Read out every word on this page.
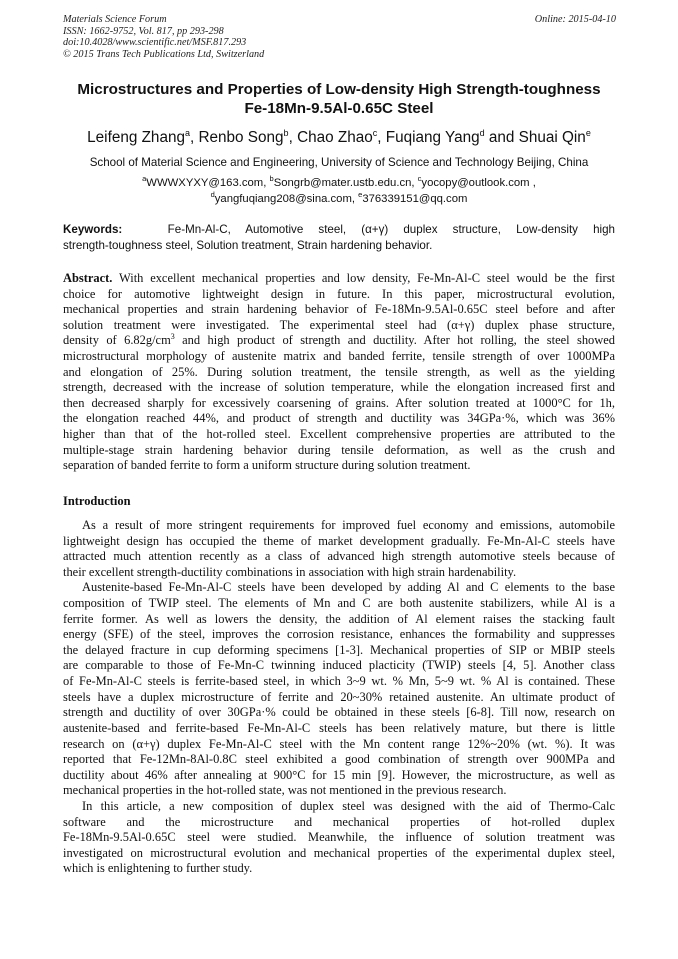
Materials Science Forum
ISSN: 1662-9752, Vol. 817, pp 293-298
doi:10.4028/www.scientific.net/MSF.817.293
© 2015 Trans Tech Publications Ltd, Switzerland
Online: 2015-04-10
Microstructures and Properties of Low-density High Strength-toughness
Fe-18Mn-9.5Al-0.65C Steel
Leifeng Zhang$^a$, Renbo Song$^b$, Chao Zhao$^c$, Fuqiang Yang$^d$ and Shuai Qin$^e$
School of Material Science and Engineering, University of Science and Technology Beijing, China
$^a$WWWXYXY@163.com, $^b$Songrb@mater.ustb.edu.cn, $^c$yocopy@outlook.com ,
$^d$yangfuqiang208@sina.com, $^e$376339151@qq.com
Keywords:	Fe-Mn-Al-C, Automotive steel, (α+γ) duplex structure, Low-density high
strength-toughness steel, Solution treatment, Strain hardening behavior.
Abstract. With excellent mechanical properties and low density, Fe-Mn-Al-C steel would be the first
choice for automotive lightweight design in future. In this paper, microstructural evolution,
mechanical properties and strain hardening behavior of Fe-18Mn-9.5Al-0.65C steel before and after
solution treatment were investigated. The experimental steel had (α+γ) duplex phase structure,
density of $6.82g/cm^3$ and high product of strength and ductility. After hot rolling, the steel showed
microstructural morphology of austenite matrix and banded ferrite, tensile strength of over 1000MPa
and elongation of 25%. During solution treatment, the tensile strength, as well as the yielding
strength, decreased with the increase of solution temperature, while the elongation increased first and
then decreased sharply for excessively coarsening of grains. After solution treated at 1000°C for 1h,
the elongation reached 44%, and product of strength and ductility was 34GPa·%, which was 36%
higher than that of the hot-rolled steel. Excellent comprehensive properties are attributed to the
multiple-stage strain hardening behavior during tensile deformation, as well as the crush and
separation of banded ferrite to form a uniform structure during solution treatment.
Introduction
As a result of more stringent requirements for improved fuel economy and emissions, automobile
lightweight design has occupied the theme of market development gradually. Fe-Mn-Al-C steels have
attracted much attention recently as a class of advanced high strength automotive steels because of
their excellent strength-ductility combinations in association with high strain hardenability.
Austenite-based Fe-Mn-Al-C steels have been developed by adding Al and C elements to the base
composition of TWIP steel. The elements of Mn and C are both austenite stabilizers, while Al is a
ferrite former. As well as lowers the density, the addition of Al element raises the stacking fault
energy (SFE) of the steel, improves the corrosion resistance, enhances the formability and suppresses
the delayed fracture in cup deforming specimens [1-3]. Mechanical properties of SIP or MBIP steels
are comparable to those of Fe-Mn-C twinning induced placticity (TWIP) steels [4, 5]. Another class
of Fe-Mn-Al-C steels is ferrite-based steel, in which 3~9 wt. % Mn, 5~9 wt. % Al is contained. These
steels have a duplex microstructure of ferrite and 20~30% retained austenite. An ultimate product of
strength and ductility of over 30GPa·% could be obtained in these steels [6-8]. Till now, research on
austenite-based and ferrite-based Fe-Mn-Al-C steels has been relatively mature, but there is little
research on (α+γ) duplex Fe-Mn-Al-C steel with the Mn content range 12%~20% (wt. %). It was
reported that Fe-12Mn-8Al-0.8C steel exhibited a good combination of strength over 900MPa and
ductility about 46% after annealing at 900°C for 15 min [9]. However, the microstructure, as well as
mechanical properties in the hot-rolled state, was not mentioned in the previous research.
In this article, a new composition of duplex steel was designed with the aid of Thermo-Calc
software and the microstructure and mechanical properties of hot-rolled duplex
Fe-18Mn-9.5Al-0.65C steel were studied. Meanwhile, the influence of solution treatment was
investigated on microstructural evolution and mechanical properties of the experimental duplex steel,
which is enlightening to further study.
